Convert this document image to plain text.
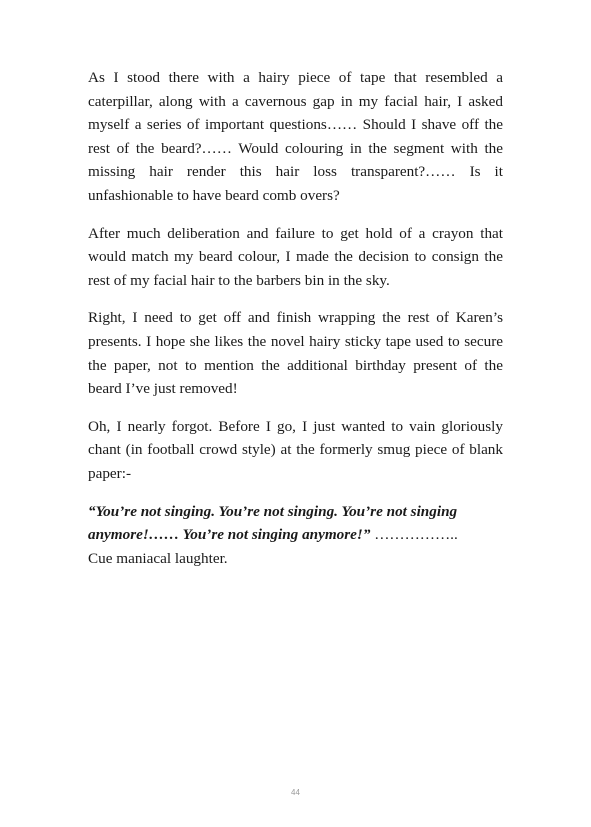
As I stood there with a hairy piece of tape that resembled a caterpillar, along with a cavernous gap in my facial hair, I asked myself a series of important questions…… Should I shave off the rest of the beard?…… Would colouring in the segment with the missing hair render this hair loss transparent?…… Is it unfashionable to have beard comb overs?

After much deliberation and failure to get hold of a crayon that would match my beard colour, I made the decision to consign the rest of my facial hair to the barbers bin in the sky.

Right, I need to get off and finish wrapping the rest of Karen’s presents. I hope she likes the novel hairy sticky tape used to secure the paper, not to mention the additional birthday present of the beard I’ve just removed!

Oh, I nearly forgot. Before I go, I just wanted to vain gloriously chant (in football crowd style) at the formerly smug piece of blank paper:-

“You’re not singing. You’re not singing. You’re not singing anymore!…… You’re not singing anymore!” ……………..
Cue maniacal laughter.

44
